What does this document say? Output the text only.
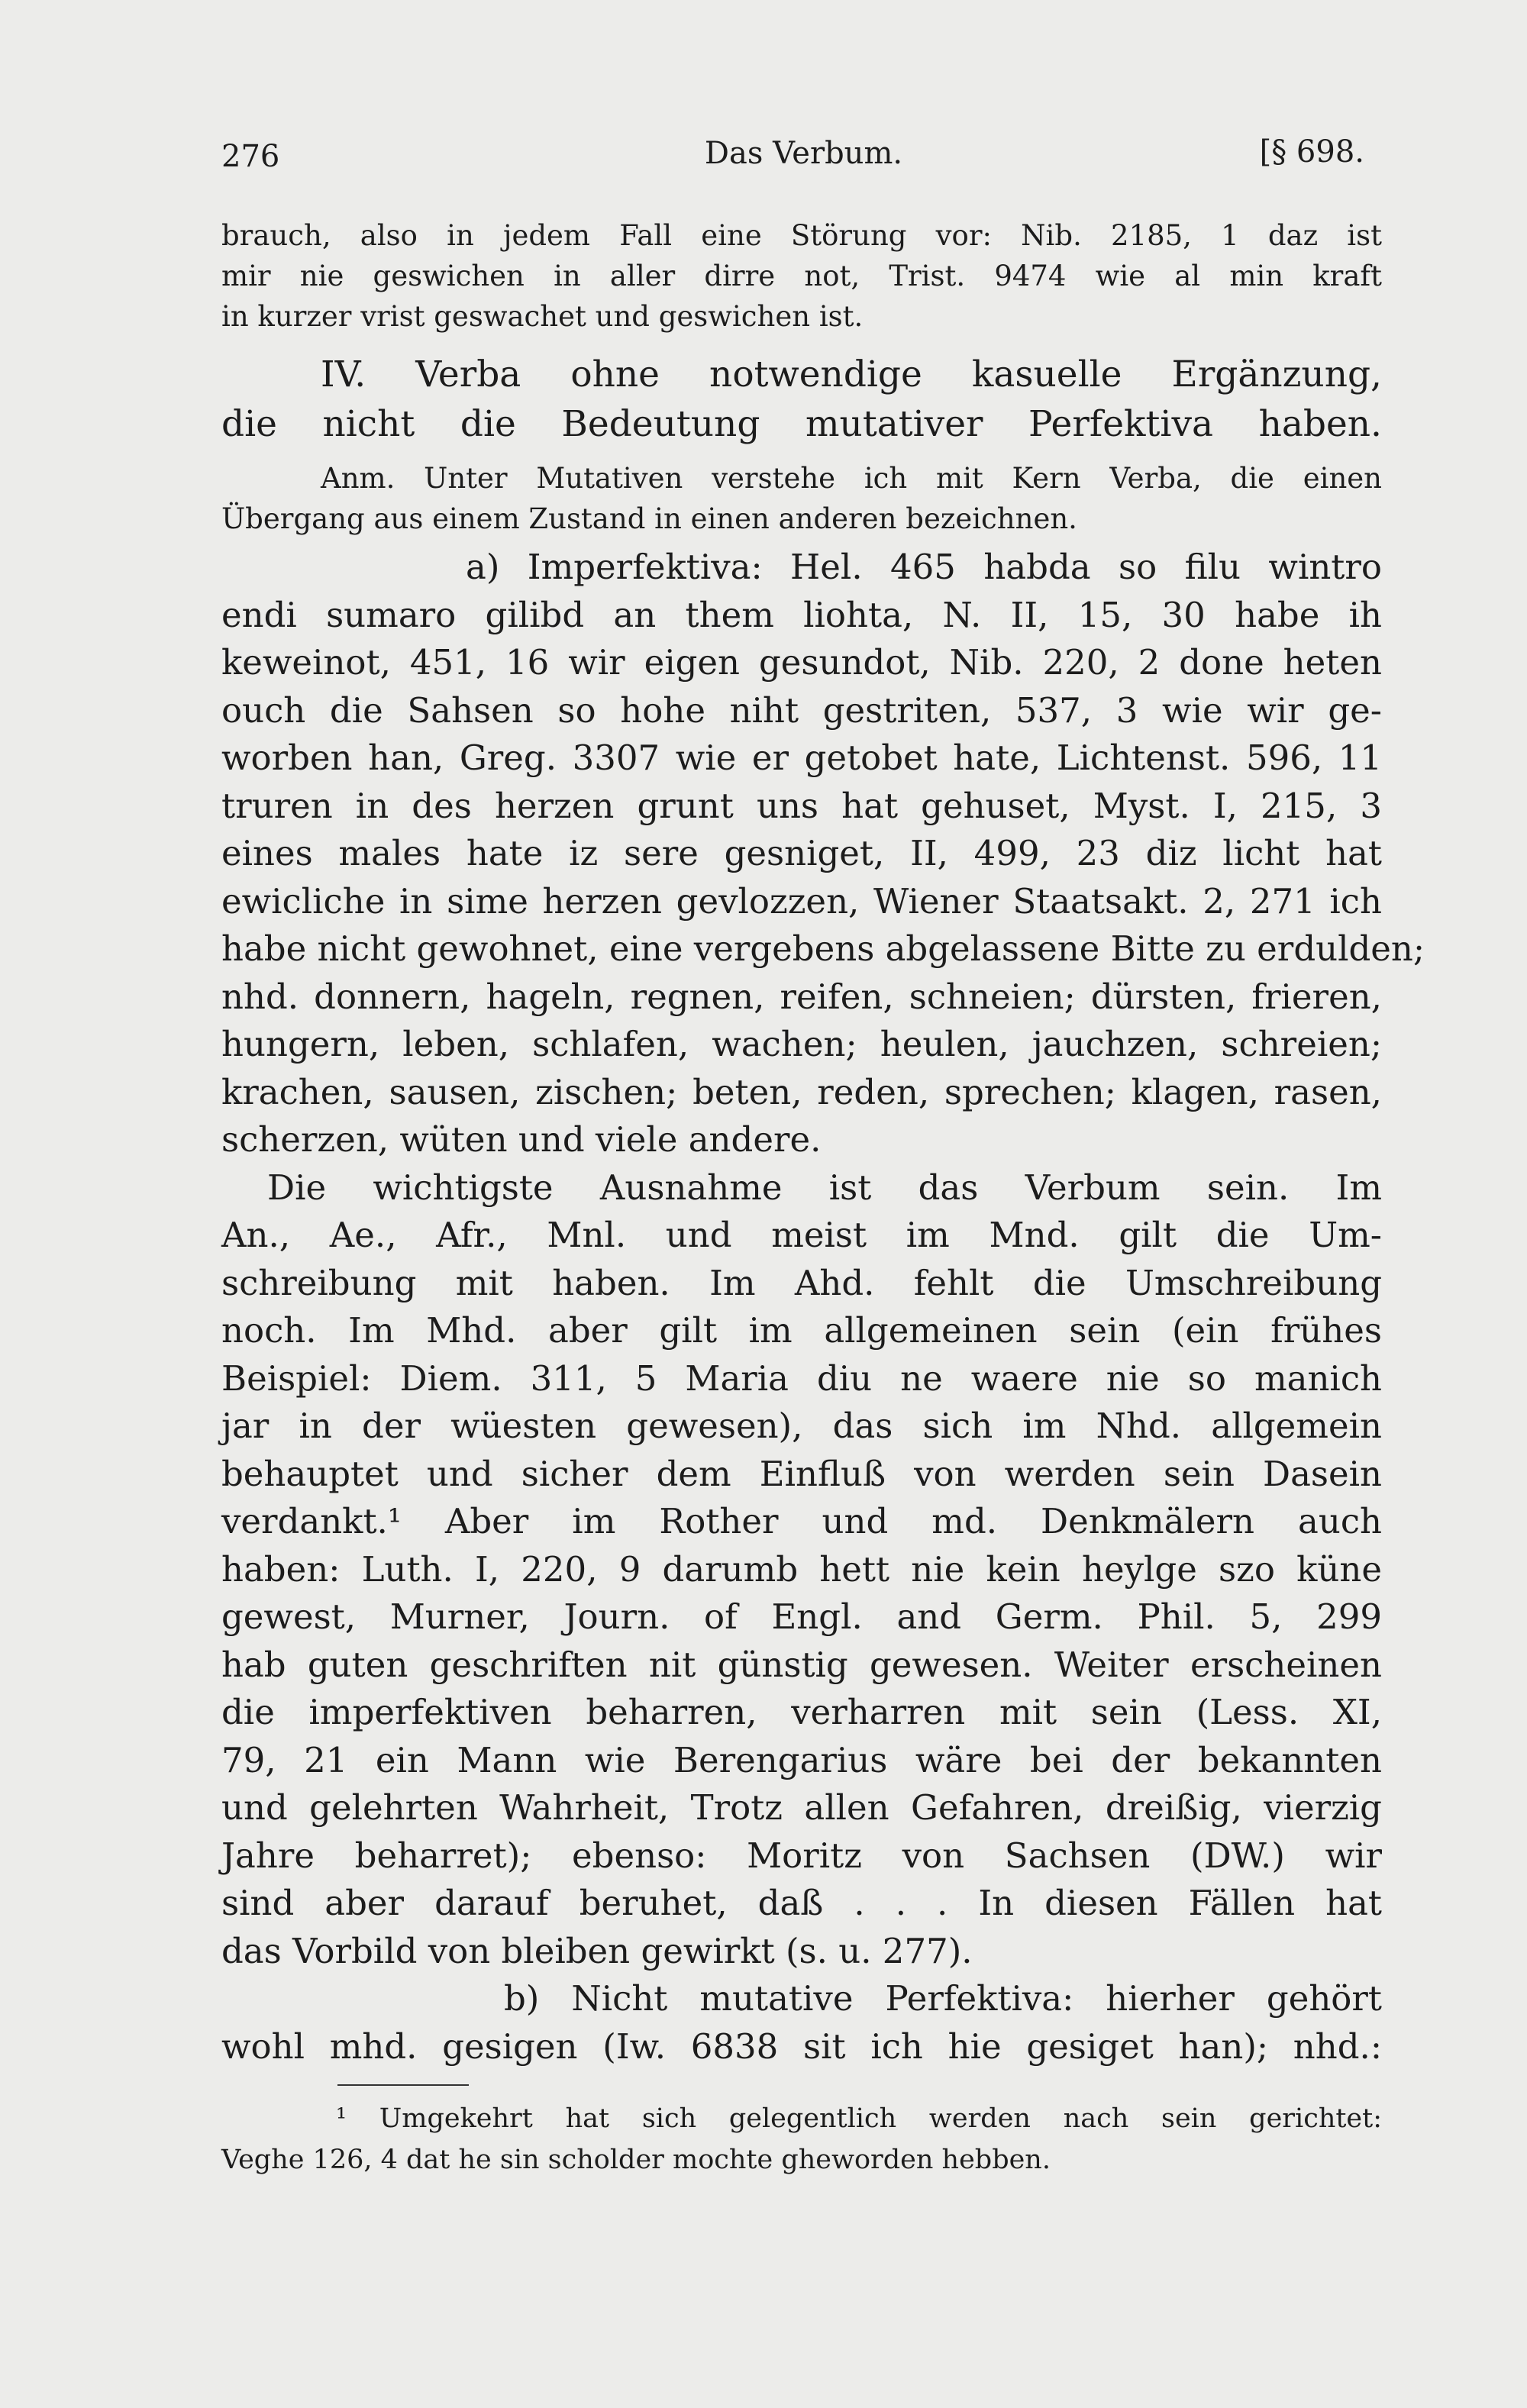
276	Das Verbum.	[§ 698.
brauch, also in jedem Fall eine Störung vor: Nib. 2185, 1 daz ist
mir nie geswichen in aller dirre not, Trist. 9474 wie al min kraft
in kurzer vrist geswachet und geswichen ist.
IV. Verba ohne notwendige kasuelle Ergänzung,
die nicht die Bedeutung mutativer Perfektiva haben.
Anm. Unter Mutativen verstehe ich mit Kern Verba, die einen
Übergang aus einem Zustand in einen anderen bezeichnen.
a) Imperfektiva: Hel. 465 habda so filu wintro
endi sumaro gilibd an them liohta, N. II, 15, 30 habe ih
keweinot, 451, 16 wir eigen gesundot, Nib. 220, 2 done heten
ouch die Sahsen so hohe niht gestriten, 537, 3 wie wir ge-
worben han, Greg. 3307 wie er getobet hate, Lichtenst. 596, 11
truren in des herzen grunt uns hat gehuset, Myst. I, 215, 3
eines males hate iz sere gesniget, II, 499, 23 diz licht hat
ewicliche in sime herzen gevlozzen, Wiener Staatsakt. 2, 271 ich
habe nicht gewohnet, eine vergebens abgelassene Bitte zu erdulden;
nhd. donnern, hageln, regnen, reifen, schneien; dürsten, frieren,
hungern, leben, schlafen, wachen; heulen, jauchzen, schreien;
krachen, sausen, zischen; beten, reden, sprechen; klagen, rasen,
scherzen, wüten und viele andere.
Die wichtigste Ausnahme ist das Verbum sein. Im
An., Ae., Afr., Mnl. und meist im Mnd. gilt die Um-
schreibung mit haben. Im Ahd. fehlt die Umschreibung
noch. Im Mhd. aber gilt im allgemeinen sein (ein frühes
Beispiel: Diem. 311, 5 Maria diu ne waere nie so manich
jar in der wüesten gewesen), das sich im Nhd. allgemein
behauptet und sicher dem Einfluß von werden sein Dasein
verdankt.¹ Aber im Rother und md. Denkmälern auch
haben: Luth. I, 220, 9 darumb hett nie kein heylge szo küne
gewest, Murner, Journ. of Engl. and Germ. Phil. 5, 299
hab guten geschriften nit günstig gewesen. Weiter erscheinen
die imperfektiven beharren, verharren mit sein (Less. XI,
79, 21 ein Mann wie Berengarius wäre bei der bekannten
und gelehrten Wahrheit, Trotz allen Gefahren, dreißig, vierzig
Jahre beharret); ebenso: Moritz von Sachsen (DW.) wir
sind aber darauf beruhet, daß . . . In diesen Fällen hat
das Vorbild von bleiben gewirkt (s. u. 277).
b) Nicht mutative Perfektiva: hierher gehört
wohl mhd. gesigen (Iw. 6838 sit ich hie gesiget han); nhd.:
¹ Umgekehrt hat sich gelegentlich werden nach sein gerichtet:
Veghe 126, 4 dat he sin scholder mochte gheworden hebben.
